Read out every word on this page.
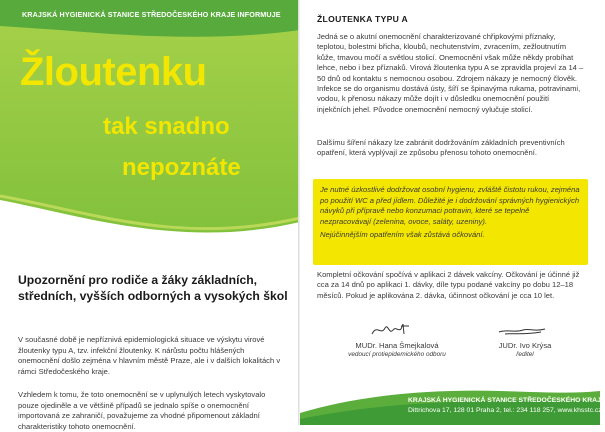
KRAJSKÁ HYGIENICKÁ STANICE STŘEDOČESKÉHO KRAJE INFORMUJE
Žloutenku
tak snadno
nepoznáte
Upozornění pro rodiče a žáky základních, středních, vyšších odborných a vysokých škol

V současné době je nepříznivá epidemiologická situace ve výskytu virové žloutenky typu A, tzv. infekční žloutenky. K nárůstu počtu hlášených onemocnění došlo zejména v hlavním městě Praze, ale i v dalších lokalitách v rámci Středočeského kraje.

Vzhledem k tomu, že toto onemocnění se v uplynulých letech vyskytovalo pouze ojediněle a ve většině případů se jednalo spíše o onemocnění importovaná ze zahraničí, považujeme za vhodné připomenout základní charakteristiky tohoto onemocnění.

ŽLOUTENKA TYPU A

Jedná se o akutní onemocnění charakterizované chřipkovými příznaky, teplotou, bolestmi břicha, kloubů, nechutenstvím, zvracením, zežloutnutím kůže, tmavou močí a světlou stolicí. Onemocnění však může někdy probíhat lehce, nebo i bez příznaků. Virová žloutenka typu A se zpravidla projeví za 14 – 50 dnů od kontaktu s nemocnou osobou. Zdrojem nákazy je nemocný člověk. Infekce se do organismu dostává ústy, šíří se špinavýma rukama, potravinami, vodou, k přenosu nákazy může dojít i v důsledku onemocnění použití injekčních jehel. Původce onemocnění nemocný vylučuje stolicí.

Dalšímu šíření nákazy lze zabránit dodržováním základních preventivních opatření, která vyplývají ze způsobu přenosu tohoto onemocnění.

Je nutné úzkostlivé dodržovat osobní hygienu, zvláště čistotu rukou, zejména po použití WC a před jídlem. Důležité je i dodržování správných hygienických návyků při přípravě nebo konzumaci potravin, které se tepelně nezpracovávají (zelenina, ovoce, saláty, uzeniny).

Nejúčinnějším opatřením však zůstává očkování.

Kompletní očkování spočívá v aplikaci 2 dávek vakcíny. Očkování je účinné již cca za 14 dnů po aplikaci 1. dávky, díle typu podané vakcíny po dobu 12–18 měsíců. Pokud je aplikována 2. dávka, účinnost očkování je cca 10 let.

MUDr. Hana Šmejkalová
vedoucí protiepidemického odboru
JUDr. Ivo Krýsa
ředitel
KRAJSKÁ HYGIENICKÁ STANICE STŘEDOČESKÉHO KRAJE
Dittrichova 17, 128 01 Praha 2, tel.: 234 118 257, www.khsstc.cz
